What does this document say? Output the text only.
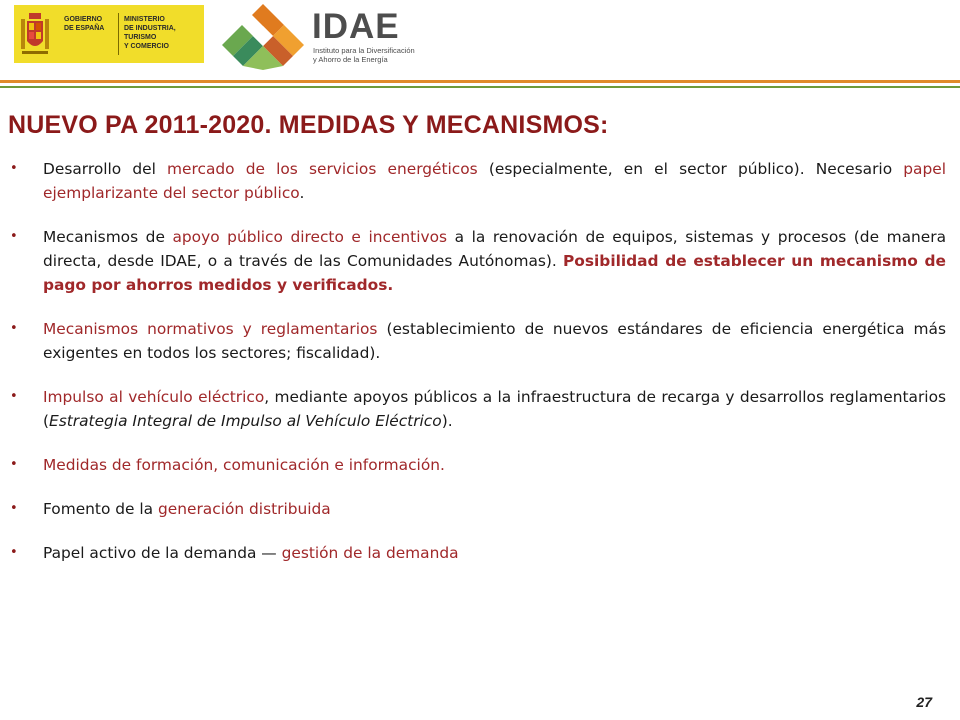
GOBIERNO
DE ESPAÑA
MINISTERIO
DE INDUSTRIA, TURISMO
Y COMERCIO
IDAE
Instituto para la Diversificación
y Ahorro de la Energía
NUEVO PA 2011-2020. MEDIDAS Y MECANISMOS:
• Desarrollo del mercado de los servicios energéticos (especialmente, en el sector público). Necesario papel ejemplarizante del sector público.
• Mecanismos de apoyo público directo e incentivos a la renovación de equipos, sistemas y procesos (de manera directa, desde IDAE, o a través de las Comunidades Autónomas). Posibilidad de establecer un mecanismo de pago por ahorros medidos y verificados.
• Mecanismos normativos y reglamentarios (establecimiento de nuevos estándares de eficiencia energética más exigentes en todos los sectores; fiscalidad).
• Impulso al vehículo eléctrico, mediante apoyos públicos a la infraestructura de recarga y desarrollos reglamentarios (Estrategia Integral de Impulso al Vehículo Eléctrico).
• Medidas de formación, comunicación e información.
• Fomento de la generación distribuida
• Papel activo de la demanda — gestión de la demanda
27
